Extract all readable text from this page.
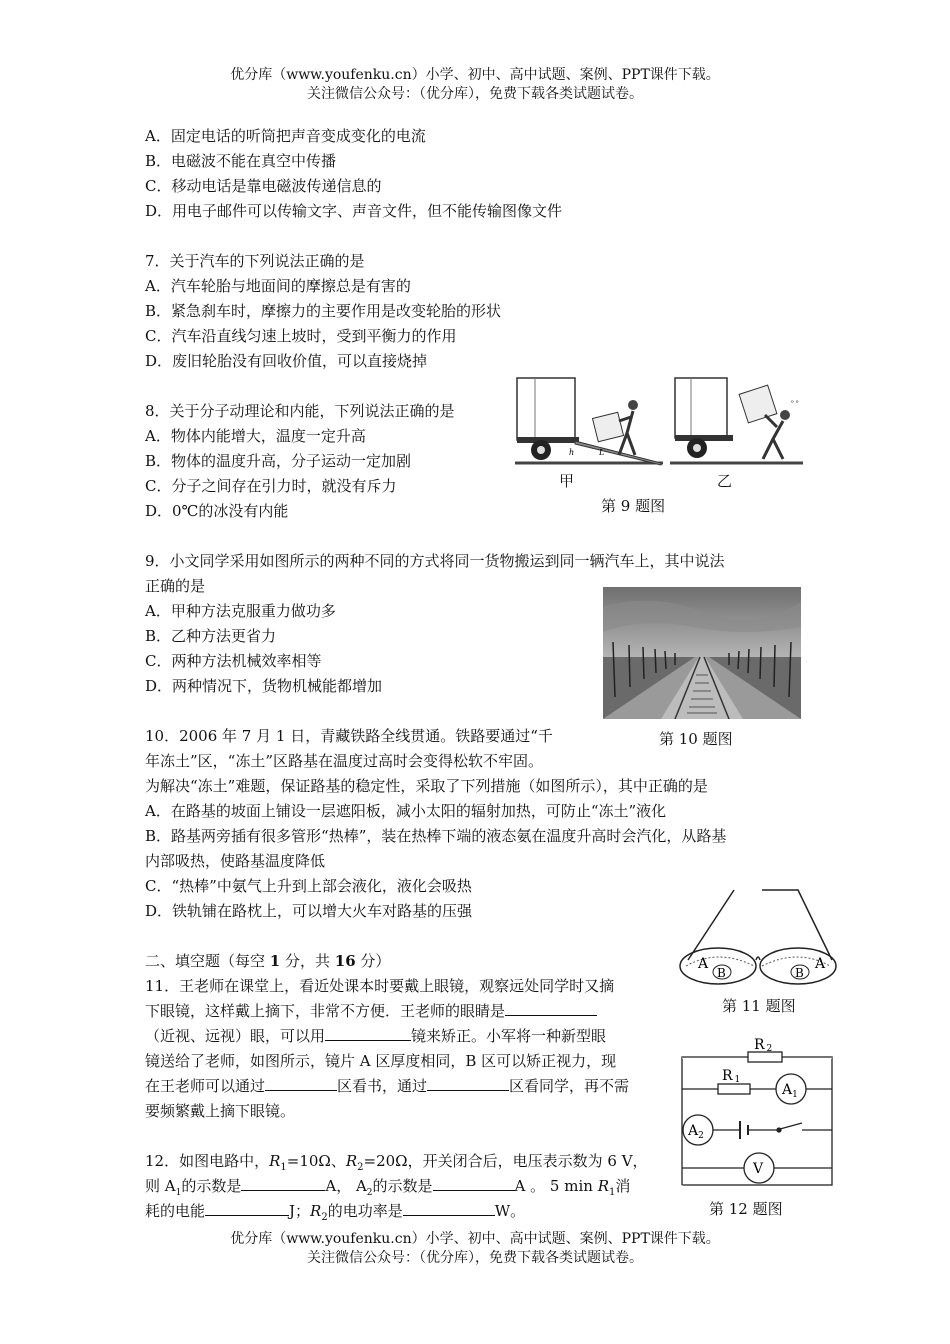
优分库（www.youfenku.cn）小学、初中、高中试题、案例、PPT课件下载。
关注微信公众号：（优分库），免费下载各类试题试卷。
A．固定电话的听筒把声音变成变化的电流
B．电磁波不能在真空中传播
C．移动电话是靠电磁波传递信息的
D．用电子邮件可以传输文字、声音文件，但不能传输图像文件
7．关于汽车的下列说法正确的是
A．汽车轮胎与地面间的摩擦总是有害的
B．紧急刹车时，摩擦力的主要作用是改变轮胎的形状
C．汽车沿直线匀速上坡时，受到平衡力的作用
D．废旧轮胎没有回收价值，可以直接烧掉
h	L
ᵒ ᵒ
甲	乙
第 9 题图
8．关于分子动理论和内能，下列说法正确的是
A．物体内能增大，温度一定升高
B．物体的温度升高，分子运动一定加剧
C．分子之间存在引力时，就没有斥力
D．0℃的冰没有内能
9．小文同学采用如图所示的两种不同的方式将同一货物搬运到同一辆汽车上，其中说法
正确的是
A．甲种方法克服重力做功多
B．乙种方法更省力
C．两种方法机械效率相等
D．两种情况下，货物机械能都增加
第 10 题图
10．2006 年 7 月 1 日，青藏铁路全线贯通。铁路要通过“千
年冻土”区，“冻土”区路基在温度过高时会变得松软不牢固。
为解决“冻土”难题，保证路基的稳定性，采取了下列措施（如图所示），其中正确的是
A．在路基的坡面上铺设一层遮阳板，减小太阳的辐射加热，可防止“冻土”液化
B．路基两旁插有很多管形“热棒”，装在热棒下端的液态氨在温度升高时会汽化，从路基
内部吸热，使路基温度降低
C．“热棒”中氨气上升到上部会液化，液化会吸热
D．铁轨铺在路枕上，可以增大火车对路基的压强
二、填空题（每空 1 分，共 16 分）	A
B	B
A
第 11 题图
11．王老师在课堂上，看近处课本时要戴上眼镜，观察远处同学时又摘
下眼镜，这样戴上摘下，非常不方便．王老师的眼睛是
（近视、远视）眼，可以用	镜来矫正。小军将一种新型眼
镜送给了老师，如图所示，镜片 A 区厚度相同，B 区可以矫正视力，现
在王老师可以通过	区看书，通过	区看同学，再不需
要频繁戴上摘下眼镜。
R 2
R 1
$A_1$
$A_2$
V
第 12 题图
12．如图电路中，$R_1=10\Omega$、$R_2=20\Omega$，开关闭合后，电压表示数为 6 V，
则 $A_1$的示数是	A， $A_2$的示数是	A 。 5 $\min R_1$消
耗的电能	J；$R_2$的电功率是	W。
优分库（www.youfenku.cn）小学、初中、高中试题、案例、PPT课件下载。
关注微信公众号：（优分库），免费下载各类试题试卷。
